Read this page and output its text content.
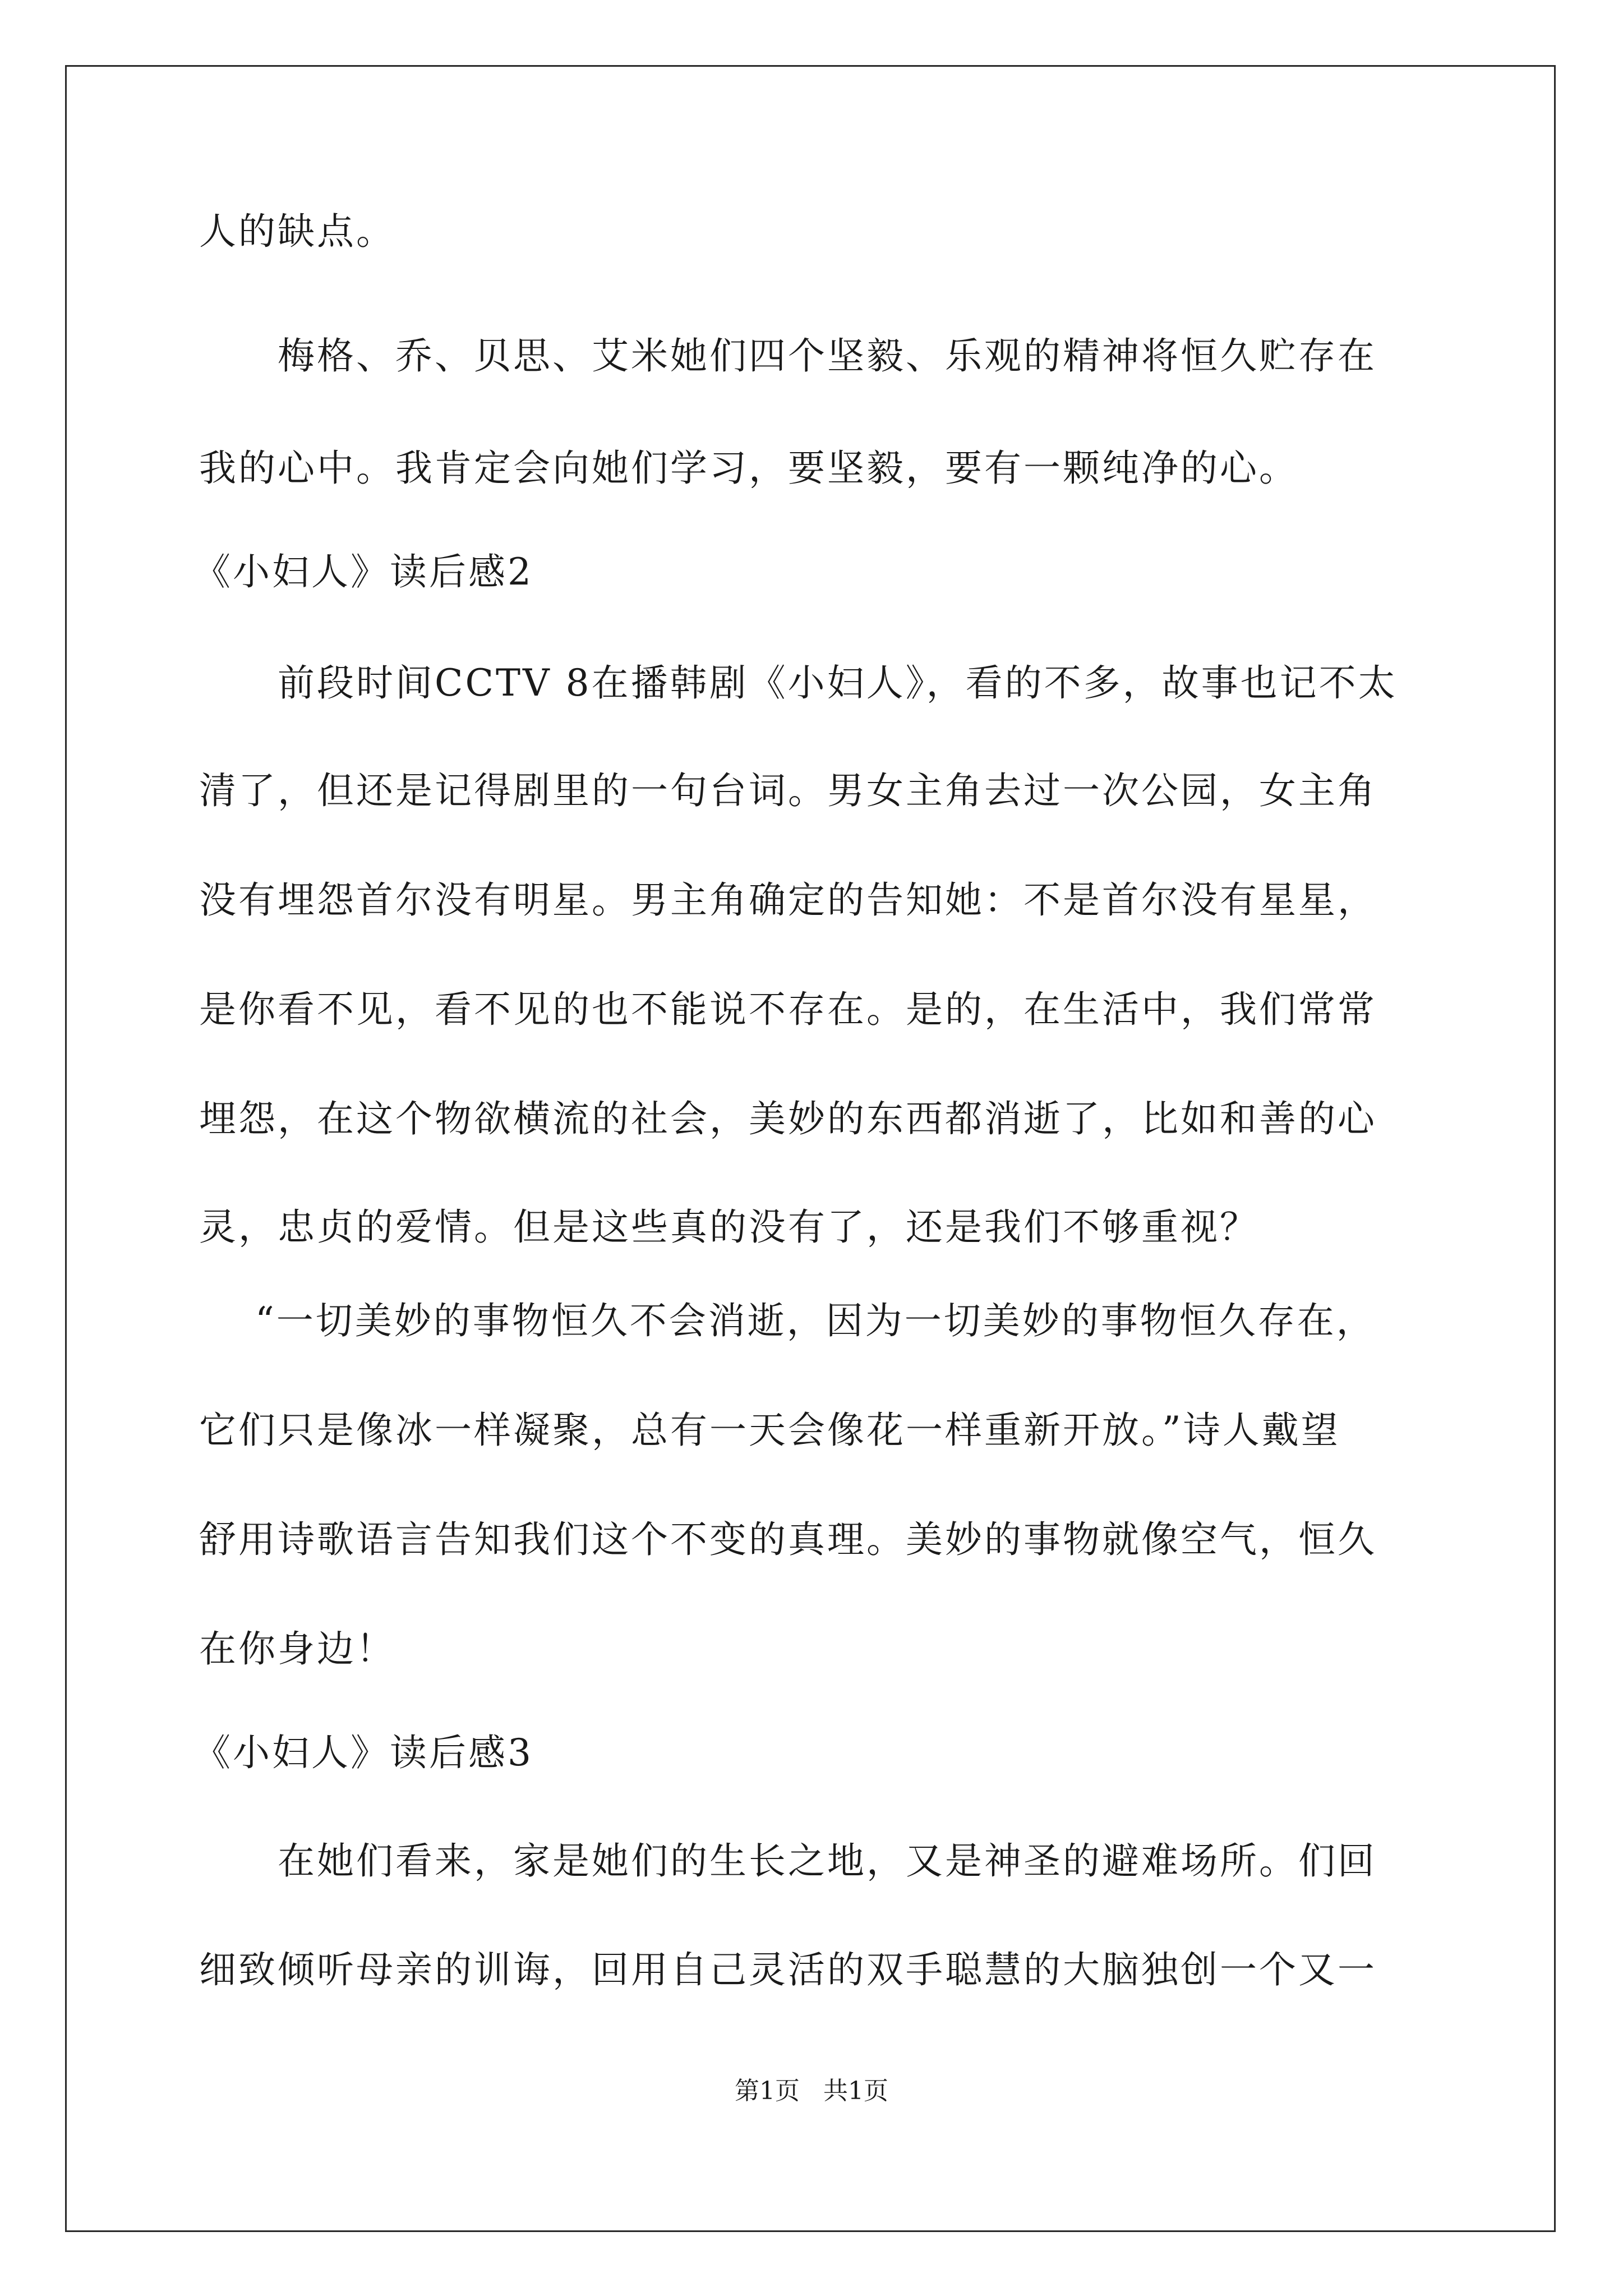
人的缺点。
梅格、乔、贝思、艾米她们四个坚毅、乐观的精神将恒久贮存在
我的心中。我肯定会向她们学习，要坚毅，要有一颗纯净的心。
《小妇人》读后感2
前段时间CCTV 8在播韩剧《小妇人》，看的不多，故事也记不太
清了，但还是记得剧里的一句台词。男女主角去过一次公园，女主角
没有埋怨首尔没有明星。男主角确定的告知她：不是首尔没有星星，
是你看不见，看不见的也不能说不存在。是的，在生活中，我们常常
埋怨，在这个物欲横流的社会，美妙的东西都消逝了，比如和善的心
灵，忠贞的爱情。但是这些真的没有了，还是我们不够重视？
“一切美妙的事物恒久不会消逝，因为一切美妙的事物恒久存在，
它们只是像冰一样凝聚，总有一天会像花一样重新开放。”诗人戴望
舒用诗歌语言告知我们这个不变的真理。美妙的事物就像空气，恒久
在你身边！
《小妇人》读后感3
在她们看来，家是她们的生长之地，又是神圣的避难场所。们回
细致倾听母亲的训诲，回用自己灵活的双手聪慧的大脑独创一个又一
第1页   共1页
